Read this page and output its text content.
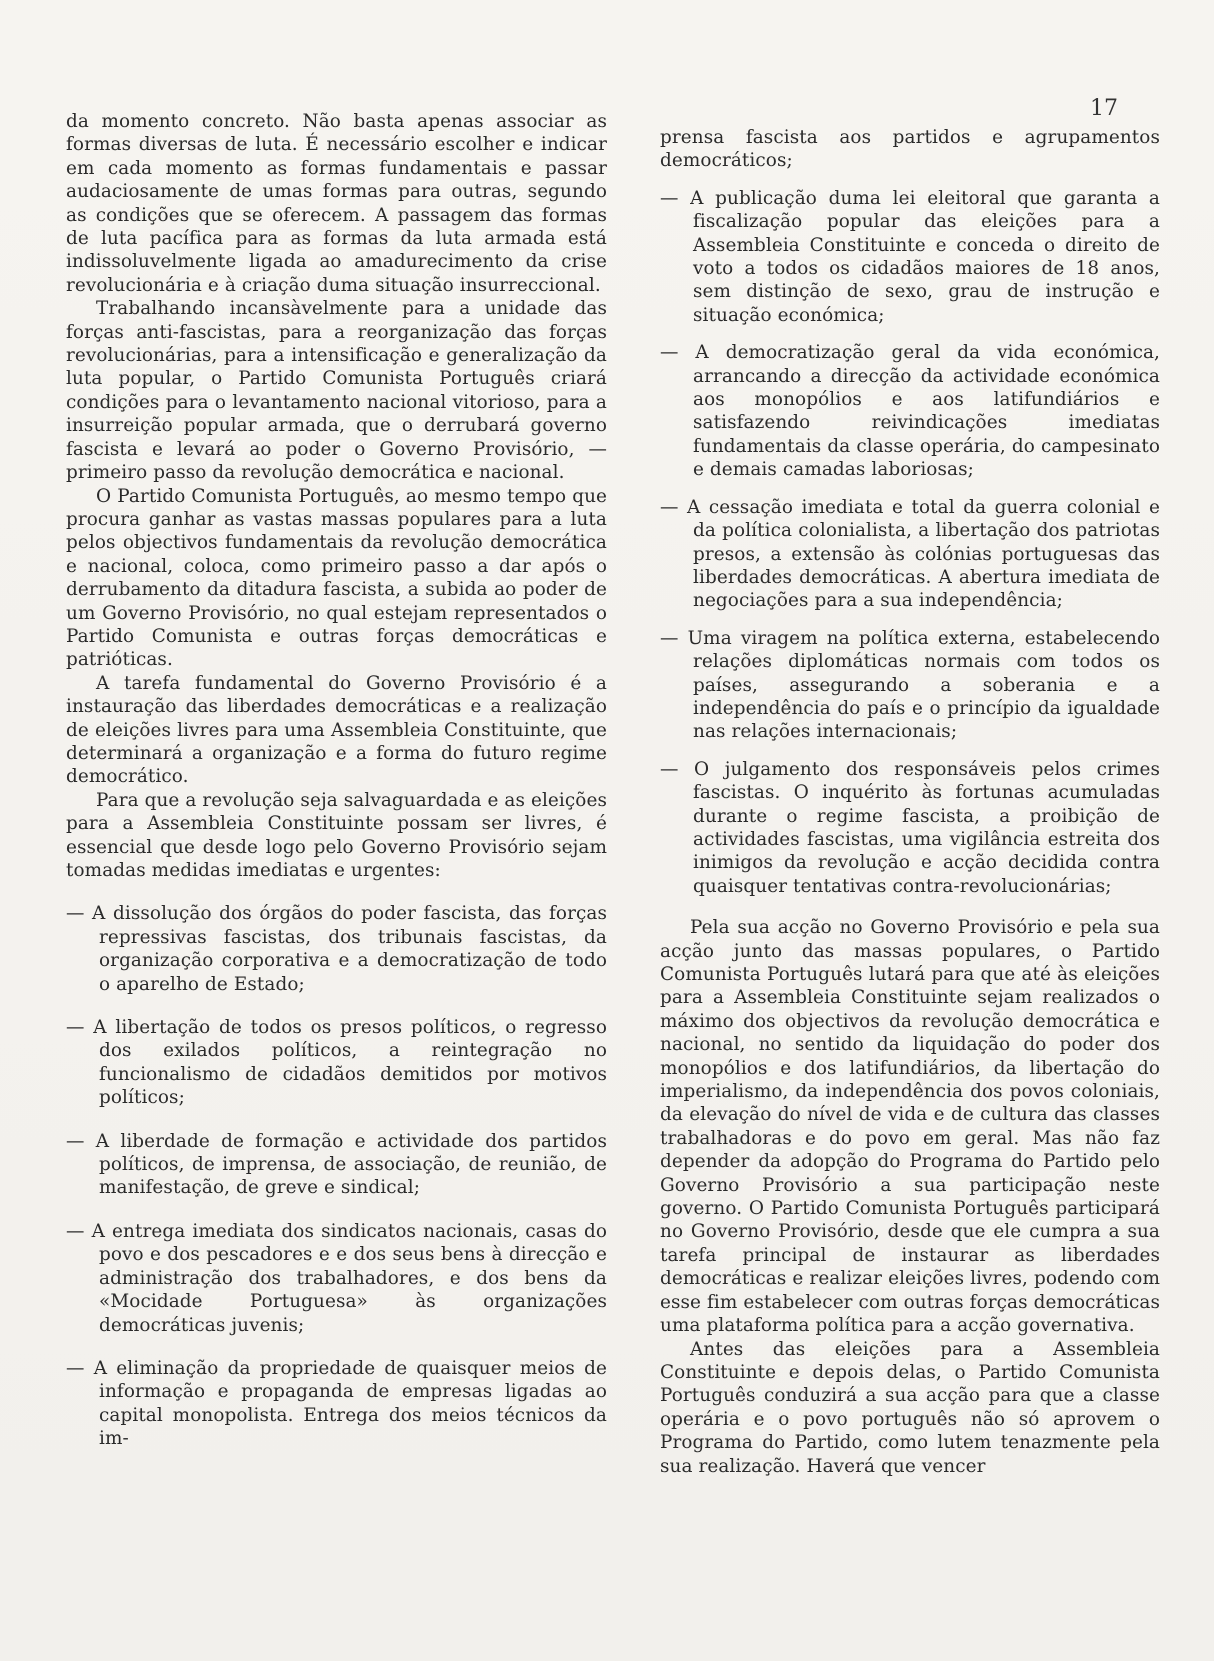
17

da momento concreto. Não basta apenas associar as formas diversas de luta. É necessário escolher e indicar em cada momento as formas fundamentais e passar audaciosamente de umas formas para outras, segundo as condições que se oferecem. A passagem das formas de luta pacífica para as formas da luta armada está indissoluvelmente ligada ao amadurecimento da crise revolucionária e à criação duma situação insurreccional.

Trabalhando incansàvelmente para a unidade das forças anti-fascistas, para a reorganização das forças revolucionárias, para a intensificação e generalização da luta popular, o Partido Comunista Português criará condições para o levantamento nacional vitorioso, para a insurreição popular armada, que o derrubará governo fascista e levará ao poder o Governo Provisório, — primeiro passo da revolução democrática e nacional.

O Partido Comunista Português, ao mesmo tempo que procura ganhar as vastas massas populares para a luta pelos objectivos fundamentais da revolução democrática e nacional, coloca, como primeiro passo a dar após o derrubamento da ditadura fascista, a subida ao poder de um Governo Provisório, no qual estejam representados o Partido Comunista e outras forças democráticas e patrióticas.

A tarefa fundamental do Governo Provisório é a instauração das liberdades democráticas e a realização de eleições livres para uma Assembleia Constituinte, que determinará a organização e a forma do futuro regime democrático.

Para que a revolução seja salvaguardada e as eleições para a Assembleia Constituinte possam ser livres, é essencial que desde logo pelo Governo Provisório sejam tomadas medidas imediatas e urgentes:

— A dissolução dos órgãos do poder fascista, das forças repressivas fascistas, dos tribunais fascistas, da organização corporativa e a democratização de todo o aparelho de Estado;

— A libertação de todos os presos políticos, o regresso dos exilados políticos, a reintegração no funcionalismo de cidadãos demitidos por motivos políticos;

— A liberdade de formação e actividade dos partidos políticos, de imprensa, de associação, de reunião, de manifestação, de greve e sindical;

— A entrega imediata dos sindicatos nacionais, casas do povo e dos pescadores e e dos seus bens à direcção e administração dos trabalhadores, e dos bens da «Mocidade Portuguesa» às organizações democráticas juvenis;

— A eliminação da propriedade de quaisquer meios de informação e propaganda de empresas ligadas ao capital monopolista. Entrega dos meios técnicos da im-

prensa fascista aos partidos e agrupamentos democráticos;

— A publicação duma lei eleitoral que garanta a fiscalização popular das eleições para a Assembleia Constituinte e conceda o direito de voto a todos os cidadãos maiores de 18 anos, sem distinção de sexo, grau de instrução e situação económica;

— A democratização geral da vida económica, arrancando a direcção da actividade económica aos monopólios e aos latifundiários e satisfazendo reivindicações imediatas fundamentais da classe operária, do campesinato e demais camadas laboriosas;

— A cessação imediata e total da guerra colonial e da política colonialista, a libertação dos patriotas presos, a extensão às colónias portuguesas das liberdades democráticas. A abertura imediata de negociações para a sua independência;

— Uma viragem na política externa, estabelecendo relações diplomáticas normais com todos os países, assegurando a soberania e a independência do país e o princípio da igualdade nas relações internacionais;

— O julgamento dos responsáveis pelos crimes fascistas. O inquérito às fortunas acumuladas durante o regime fascista, a proibição de actividades fascistas, uma vigilância estreita dos inimigos da revolução e acção decidida contra quaisquer tentativas contra-revolucionárias;

Pela sua acção no Governo Provisório e pela sua acção junto das massas populares, o Partido Comunista Português lutará para que até às eleições para a Assembleia Constituinte sejam realizados o máximo dos objectivos da revolução democrática e nacional, no sentido da liquidação do poder dos monopólios e dos latifundiários, da libertação do imperialismo, da independência dos povos coloniais, da elevação do nível de vida e de cultura das classes trabalhadoras e do povo em geral. Mas não faz depender da adopção do Programa do Partido pelo Governo Provisório a sua participação neste governo. O Partido Comunista Português participará no Governo Provisório, desde que ele cumpra a sua tarefa principal de instaurar as liberdades democráticas e realizar eleições livres, podendo com esse fim estabelecer com outras forças democráticas uma plataforma política para a acção governativa.

Antes das eleições para a Assembleia Constituinte e depois delas, o Partido Comunista Português conduzirá a sua acção para que a classe operária e o povo português não só aprovem o Programa do Partido, como lutem tenazmente pela sua realização. Haverá que vencer
